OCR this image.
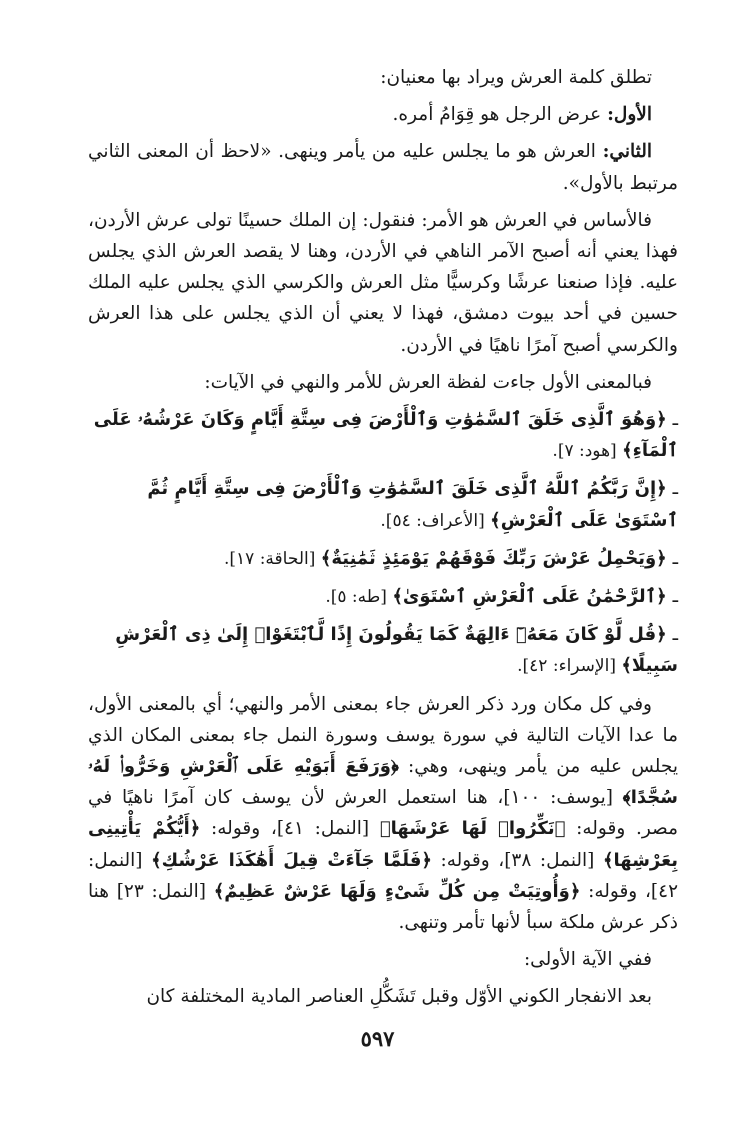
تطلق كلمة العرش ويراد بها معنيان:

الأول: عرض الرجل هو قِوَامُ أمره.

الثاني: العرش هو ما يجلس عليه من يأمر وينهى. «لاحظ أن المعنى الثاني مرتبط بالأول».

فالأساس في العرش هو الأمر: فنقول: إن الملك حسينًا تولى عرش الأردن، فهذا يعني أنه أصبح الآمر الناهي في الأردن، وهنا لا يقصد العرش الذي يجلس عليه. فإذا صنعنا عرشًا وكرسيًّا مثل العرش والكرسي الذي يجلس عليه الملك حسين في أحد بيوت دمشق، فهذا لا يعني أن الذي يجلس على هذا العرش والكرسي أصبح آمرًا ناهيًا في الأردن.

فبالمعنى الأول جاءت لفظة العرش للأمر والنهي في الآيات:

ـ ﴿وَهُوَ ٱلَّذِى خَلَقَ ٱلسَّمَٰوَٰتِ وَٱلْأَرْضَ فِى سِتَّةِ أَيَّامٍ وَكَانَ عَرْشُهُۥ عَلَى ٱلْمَآءِ﴾ [هود: ٧].

ـ ﴿إِنَّ رَبَّكُمُ ٱللَّهُ ٱلَّذِى خَلَقَ ٱلسَّمَٰوَٰتِ وَٱلْأَرْضَ فِى سِتَّةِ أَيَّامٍ ثُمَّ ٱسْتَوَىٰ عَلَى ٱلْعَرْشِ﴾ [الأعراف: ٥٤].

ـ ﴿وَيَحْمِلُ عَرْشَ رَبِّكَ فَوْقَهُمْ يَوْمَئِذٍ ثَمَٰنِيَةٌ﴾ [الحاقة: ١٧].

ـ ﴿ٱلرَّحْمَٰنُ عَلَى ٱلْعَرْشِ ٱسْتَوَىٰ﴾ [طه: ٥].

ـ ﴿قُل لَّوْ كَانَ مَعَهُۥٓ ءَالِهَةٌ كَمَا يَقُولُونَ إِذًا لَّٱبْتَغَوْا۟ إِلَىٰ ذِى ٱلْعَرْشِ سَبِيلًا﴾ [الإسراء: ٤٢].

وفي كل مكان ورد ذكر العرش جاء بمعنى الأمر والنهي؛ أي بالمعنى الأول، ما عدا الآيات التالية في سورة يوسف وسورة النمل جاء بمعنى المكان الذي يجلس عليه من يأمر وينهى، وهي: ﴿وَرَفَعَ أَبَوَيْهِ عَلَى ٱلْعَرْشِ وَخَرُّوا۟ لَهُۥ سُجَّدًا﴾ [يوسف: ١٠٠]، هنا استعمل العرش لأن يوسف كان آمرًا ناهيًا في مصر. وقوله: ﴿نَكِّرُوا۟ لَهَا عَرْشَهَا﴾ [النمل: ٤١]، وقوله: ﴿أَيُّكُمْ يَأْتِينِى بِعَرْشِهَا﴾ [النمل: ٣٨]، وقوله: ﴿فَلَمَّا جَآءَتْ قِيلَ أَهَٰكَذَا عَرْشُكِ﴾ [النمل: ٤٢]، وقوله: ﴿وَأُوتِيَتْ مِن كُلِّ شَىْءٍ وَلَهَا عَرْشٌ عَظِيمٌ﴾ [النمل: ٢٣] هنا ذكر عرش ملكة سبأ لأنها تأمر وتنهى.

ففي الآية الأولى:

بعد الانفجار الكوني الأوّل وقبل تَشَكُّلِ العناصر المادية المختلفة كان

٥٩٧
